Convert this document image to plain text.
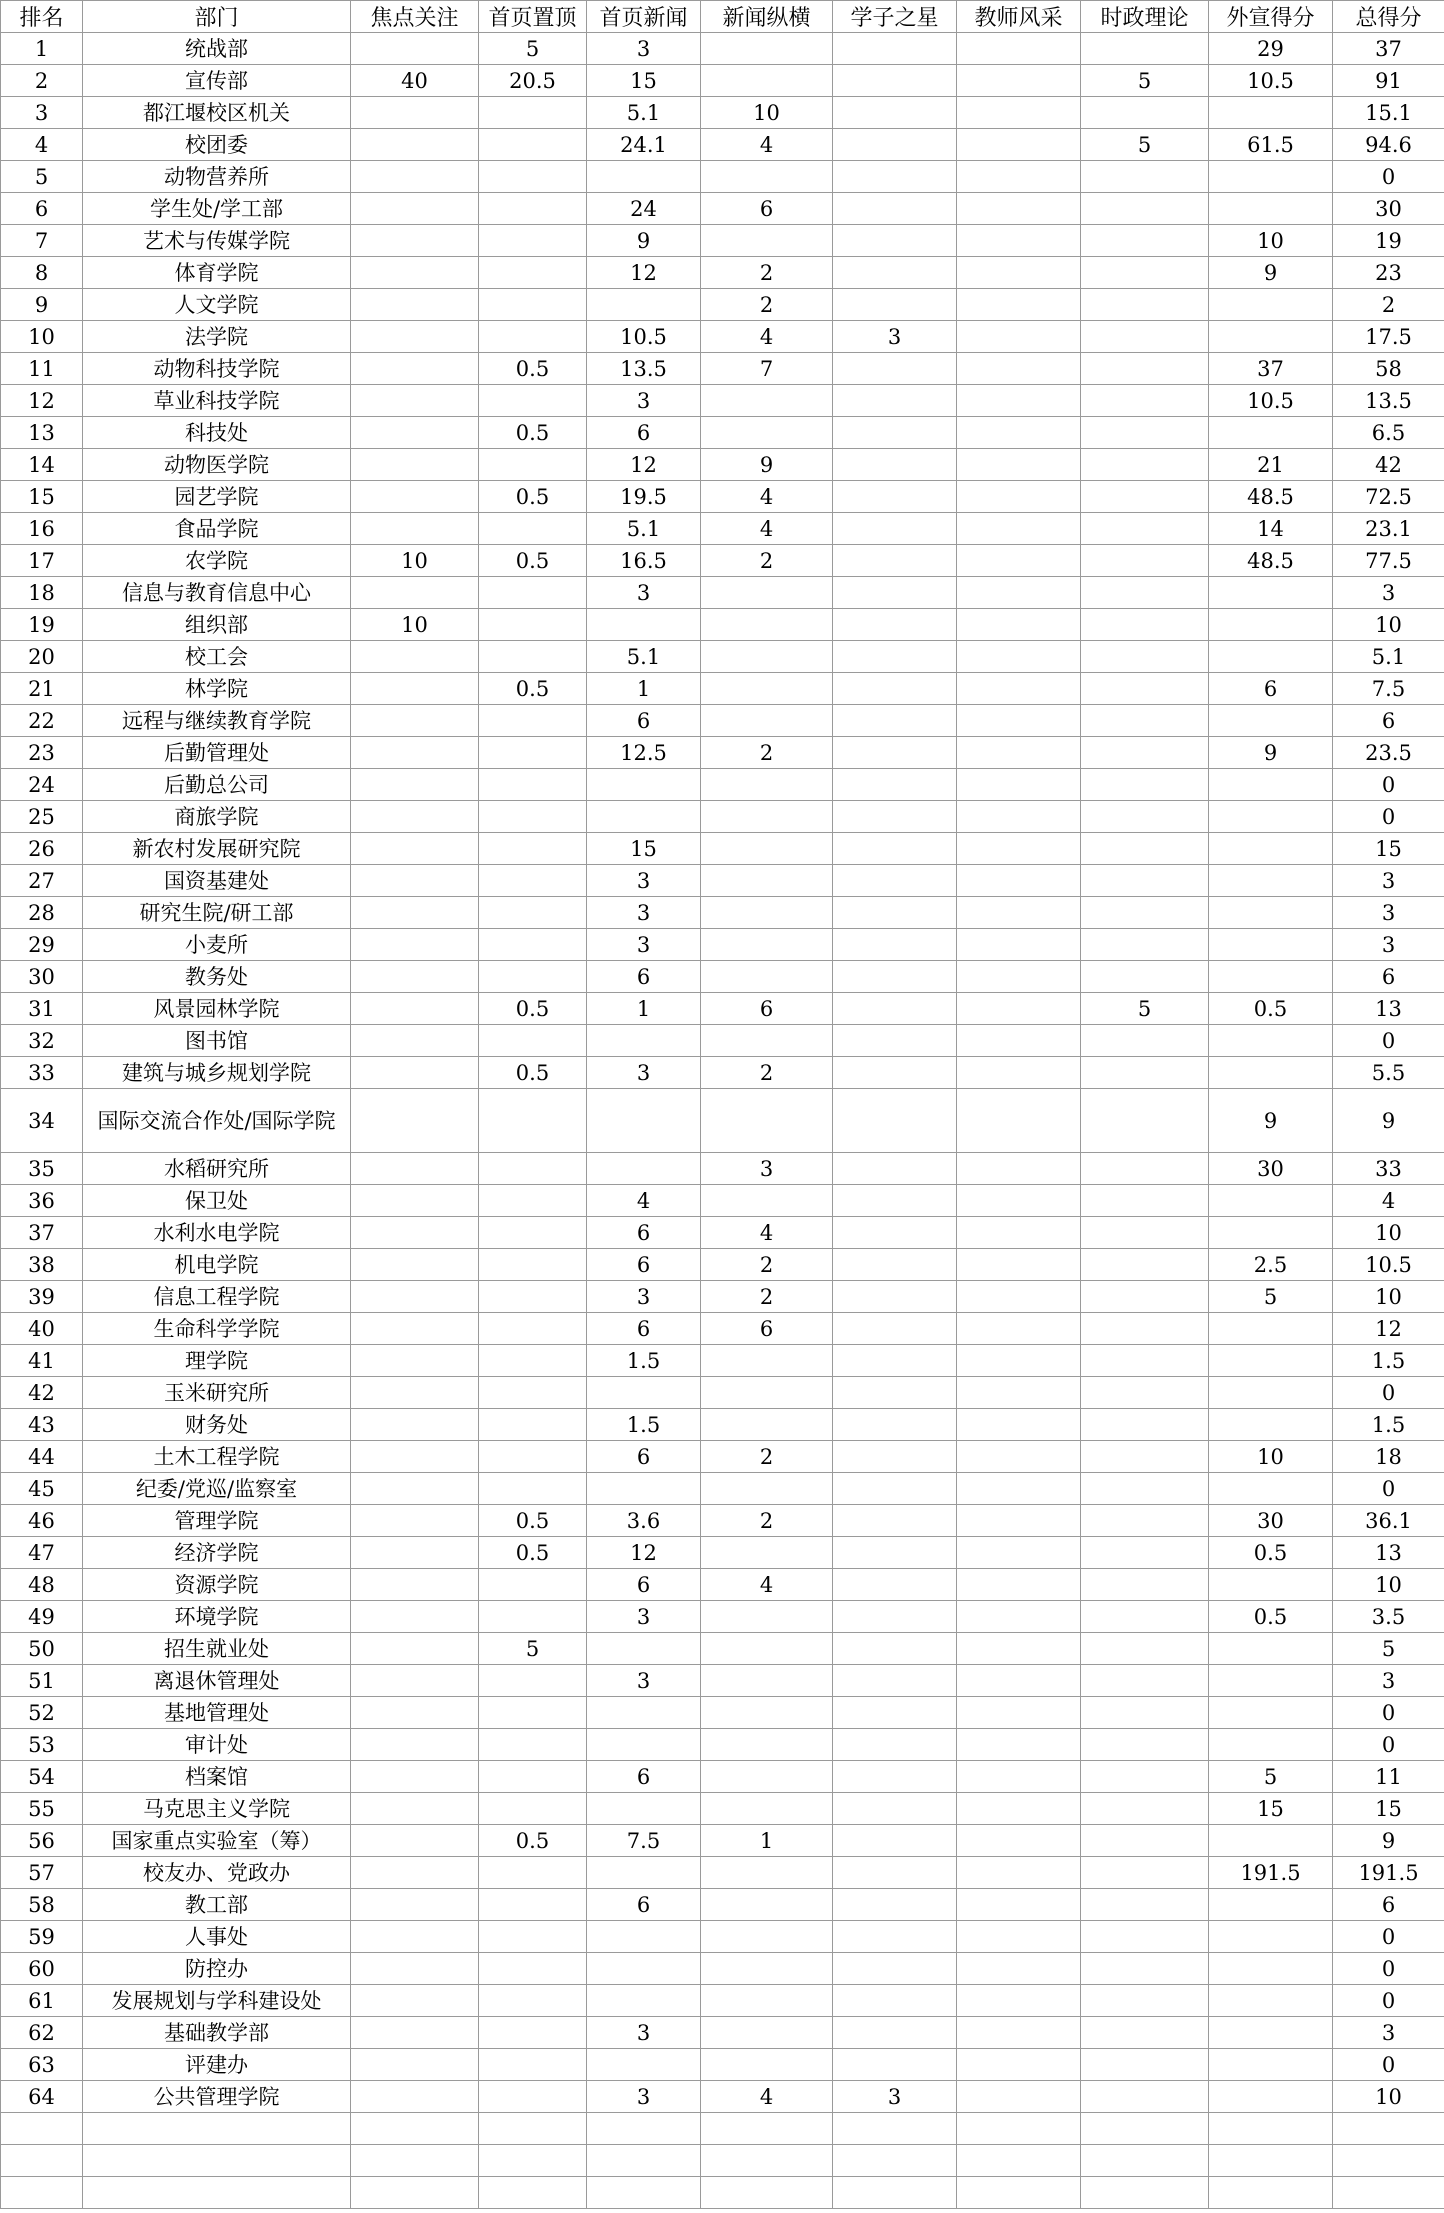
排名	部门	焦点关注	首页置顶	首页新闻	新闻纵横	学子之星	教师风采	时政理论	外宣得分	总得分
1	统战部		5	3					29	37
2	宣传部	40	20.5	15				5	10.5	91
3	都江堰校区机关			5.1	10					15.1
4	校团委			24.1	4			5	61.5	94.6
5	动物营养所									0
6	学生处/学工部			24	6					30
7	艺术与传媒学院			9					10	19
8	体育学院			12	2				9	23
9	人文学院				2					2
10	法学院			10.5	4	3				17.5
11	动物科技学院		0.5	13.5	7				37	58
12	草业科技学院			3					10.5	13.5
13	科技处		0.5	6						6.5
14	动物医学院			12	9				21	42
15	园艺学院		0.5	19.5	4				48.5	72.5
16	食品学院			5.1	4				14	23.1
17	农学院	10	0.5	16.5	2				48.5	77.5
18	信息与教育信息中心			3						3
19	组织部	10								10
20	校工会			5.1						5.1
21	林学院		0.5	1					6	7.5
22	远程与继续教育学院			6						6
23	后勤管理处			12.5	2				9	23.5
24	后勤总公司									0
25	商旅学院									0
26	新农村发展研究院			15						15
27	国资基建处			3						3
28	研究生院/研工部			3						3
29	小麦所			3						3
30	教务处			6						6
31	风景园林学院		0.5	1	6			5	0.5	13
32	图书馆									0
33	建筑与城乡规划学院		0.5	3	2					5.5
34	国际交流合作处/国际学院								9	9
35	水稻研究所				3				30	33
36	保卫处			4						4
37	水利水电学院			6	4					10
38	机电学院			6	2				2.5	10.5
39	信息工程学院			3	2				5	10
40	生命科学学院			6	6					12
41	理学院			1.5						1.5
42	玉米研究所									0
43	财务处			1.5						1.5
44	土木工程学院			6	2				10	18
45	纪委/党巡/监察室									0
46	管理学院		0.5	3.6	2				30	36.1
47	经济学院		0.5	12					0.5	13
48	资源学院			6	4					10
49	环境学院			3					0.5	3.5
50	招生就业处		5							5
51	离退休管理处			3						3
52	基地管理处									0
53	审计处									0
54	档案馆			6					5	11
55	马克思主义学院								15	15
56	国家重点实验室（筹）		0.5	7.5	1					9
57	校友办、党政办								191.5	191.5
58	教工部			6						6
59	人事处									0
60	防控办									0
61	发展规划与学科建设处									0
62	基础教学部			3						3
63	评建办									0
64	公共管理学院			3	4	3				10
